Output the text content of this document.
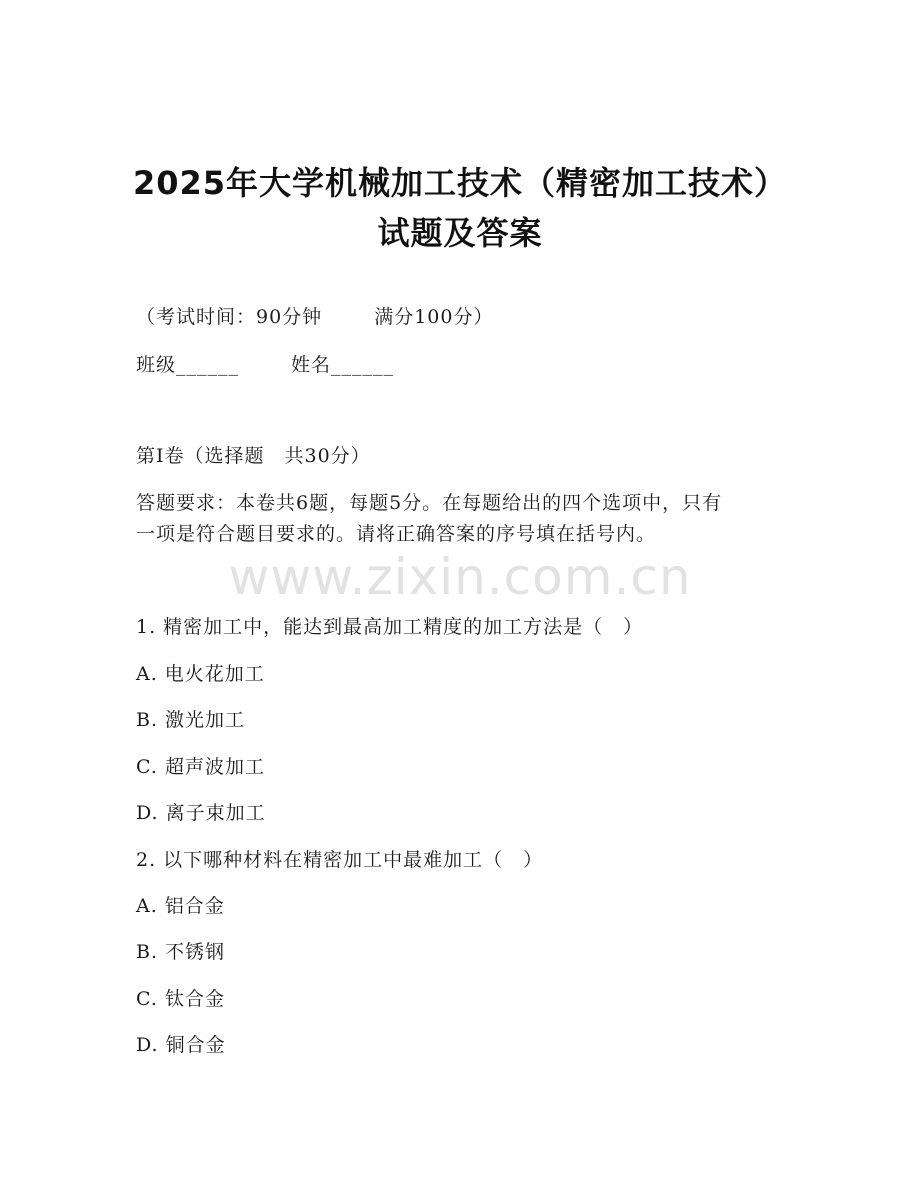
2025年大学机械加工技术（精密加工技术）
试题及答案
（考试时间：90分钟	满分100分）
班级______	姓名______
第I卷（选择题　共30分）
答题要求：本卷共6题，每题5分。在每题给出的四个选项中，只有
一项是符合题目要求的。请将正确答案的序号填在括号内。
www.zixin.com.cn
1. 精密加工中，能达到最高加工精度的加工方法是（　）
A. 电火花加工
B. 激光加工
C. 超声波加工
D. 离子束加工
2. 以下哪种材料在精密加工中最难加工（　）
A. 铝合金
B. 不锈钢
C. 钛合金
D. 铜合金
